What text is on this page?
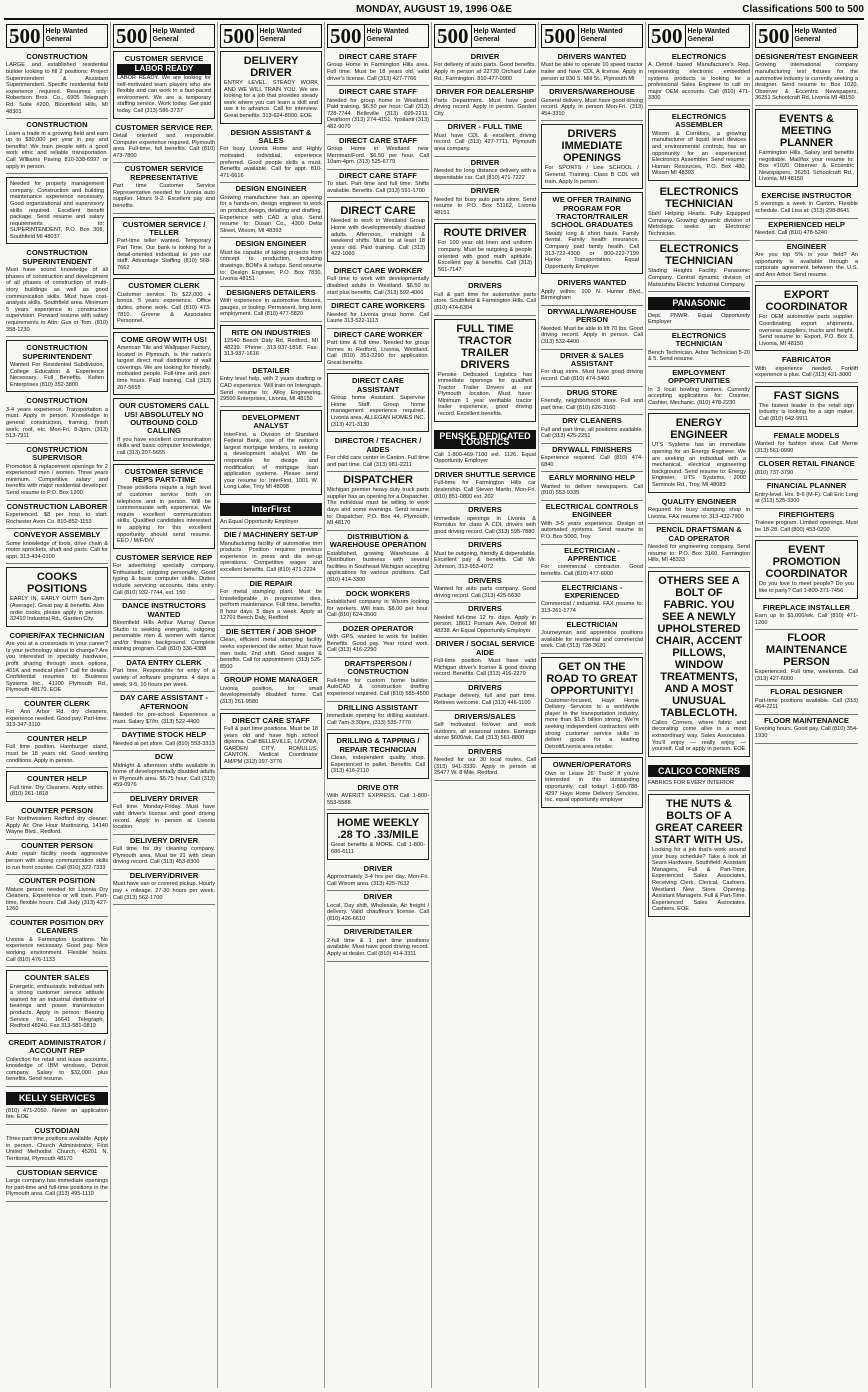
MONDAY, AUGUST 19, 1996 O&E	Classifications 500 to 500
500 Help Wanted
General
CONSTRUCTION

LARGE and established residential builder looking to fill 2 positions: Project Superintendent & Assistant Superintendent. Specific residential field experience required. Resumes only: Robertson Bros. Co., 6905 Telegraph Rd. Suite #200, Bloomfield Hills, MI 48301

CONSTRUCTION

Learn a trade in a growing field and earn up to $30,000 per year in pay and benefits! We train people with a good work ethic and reliable transportation. Call Williams Paving 810-338-6997 or apply in person.

Needed for property management company. Construction and building maintenance experience necessary. Good organizational and supervisory skills required. Excellent benefit package. Send resume and salary requirements to: SUPERINTENDENT, P.O. Box 308, Southfield MI 48037

CONSTRUCTION SUPERINTENDENT

Must have sound knowledge of all phases of construction and development of all phases of construction of multi-story buildings as well as good communication skills. Must have cost-analysis skills. Southfield area. Minimum 5 years experience in construction supervision. Forward resume with salary requirements to Attn: Gus or Tom. (810) 358-1230

CONSTRUCTION SUPERINTENDENT

Wanted For Residential Subdivision, College Education & Experience Necessary. Full Benefits. Kelten Enterprises (810) 352-3800

CONSTRUCTION

3-4 years experience. Transportation a must. Apply in person. Knowledge in general construction, framing, finish work, roof, etc. Mon-Fri, 8-3pm. (313) 513-7911

CONSTRUCTION SUPERVISOR

Promotion & replacement openings for 2 experienced men / women. Three years minimum. Competitive salary and benefits with major residential developer. Send resume to P.O. Box 1200.

CONSTRUCTION LABORER

Experienced. $8 per hour to start. Rochester Avon Co. 810-852-1153

CONVEYOR ASSEMBLY

Some knowledge of tools, drive chain & motor sprockets, shaft and parts. Call for appt. 313-434-0100

COOKS POSITIONS

EARLY IN, EARLY OUT!! 5am-2pm (Average). Great pay & benefits. Also order cooks, please apply in person. 32410 Industrial Rd., Garden City.

COPIER/FAX TECHNICIAN

Are you at a crossroads in your career? Is your technology about to change? Are you interested in specialty hardware, profit sharing through stock options, 401K and medical plan? Call for details. Confidential resumes to: Business Systems Inc., 41100 Plymouth Rd., Plymouth 48170. EOE

COUNTER CLERK

For Ann Arbor Rd. dry cleaners, experience needed. Good pay. Part-time. 313-347-3110

COUNTER HELP

Full time position. Hamburger stand, must be 18 years old. Good working conditions. Apply in person.

COUNTER HELP

Full time. Dry Cleaners. Apply within. (810) 261-1818

COUNTER PERSON

For Northwestern Redford dry cleaner. Apply At: One Hour Martinizing, 14140 Wayne Blvd., Redford.

COUNTER PERSON

Auto repair facility needs aggressive person with strong communication skills to run front counter. Call (810) 322-7333

COUNTER POSITION

Mature person needed for Livonia Dry Cleaners. Experience or will train. Part-time, flexible hours. Call Judy (313) 427-1260

COUNTER POSITION DRY CLEANERS

Livonia & Farmington locations. No experience necessary. Good pay. Nice working environment. Flexible hours. Call (810) 476-1133

COUNTER SALES

Energetic, enthusiastic individual with a strong customer service attitude wanted for an industrial distributor of bearings and power transmission products. Apply in person: Bearing Service Inc., 16641 Telegraph, Redford 48240. Fax 313-581-0819

CREDIT ADMINISTRATOR / ACCOUNT REP

Collection for retail and lease accounts, knowledge of IBM windows, Detroit company. Salary to $32,000 plus benefits. Send resume.

KELLY SERVICES

(810) 471-2050. Never an application fee. EOE

CUSTODIAN

Three part time positions available. Apply in person. Church Administrator, First United Methodist Church, 45201 N. Territorial, Plymouth 48170

CUSTODIAN SERVICE

Large company has immediate openings for part-time and full-time positions in the Plymouth area. Call (313) 495-1110

500 Help Wanted
General
CUSTOMER SERVICE
LABOR READY

LABOR READY. We are looking for self-motivated team players who are flexible and can work in a fast-paced environment. We are a temporary staffing service. Work today. Get paid today. Call (313) 586-3737

CUSTOMER SERVICE REP.

Detail oriented and responsible. Computer experience required. Plymouth area. Full-time, full benefits. Call (810) 473-7800

CUSTOMER SERVICE REPRESENTATIVE

Part time Customer Service Representative needed for Livonia auto supplier. Hours 9-2. Excellent pay and benefits.

CUSTOMER SERVICE / TELLER

Part-time teller wanted. Temporary Part Time. Our bank is looking for a detail-oriented individual to join our staff. Advantage Staffing (810) 568-7662

CUSTOMER CLERK

Customer service. To $22,000 + bonus. 5 years experience. Office duties, phone work. Call (810) 473-7810. Greene & Associates Personnel.

COME GROW WITH US!

American Tile and Wallpaper Factory, located in Plymouth, is the nation's largest direct mail distributor of wall coverings. We are looking for friendly, motivated people. Full-time and part-time hours. Paid training. Call (313) 207-5655

OUR CUSTOMERS CALL US! ABSOLUTELY NO OUTBOUND COLD CALLING

If you have excellent communication skills and basic computer knowledge, call (313) 207-5655

CUSTOMER SERVICE REPS PART-TIME

These positions require a high level of customer service both on telephone and in person. Will be commensurate with experience. We require excellent communication skills. Qualified candidates interested in applying for this excellent opportunity should send resume. EEO / M/F/D/V

CUSTOMER SERVICE REP

For advertising specialty company. Enthusiastic, outgoing personality. Good typing & basic computer skills. Duties include servicing accounts, data entry. Call (810) 932-7744, ext. 150

DANCE INSTRUCTORS WANTED

Bloomfield Hills Arthur Murray Dance Studio is seeking energetic, outgoing personable men & women with dance and/or theatre background. Complete training program. Call (810) 336-4388

DATA ENTRY CLERK

Part time. Responsible for entry of a variety of software programs. 4 days a week, 9-5, 10 hours per week.

DAY CARE ASSISTANT - AFTERNOON

Needed for pre-school. Experience a must. Salary $7/hr. (313) 522-4400

DAYTIME STOCK HELP

Needed at pet store. Call (810) 553-3313

DCW

Midnight & afternoon shifts available in home of developmentally disabled adults in Plymouth area. $6.75 hour. Call (313) 459-0976

DELIVERY DRIVER

Full time. Monday-Friday. Must have valid driver's license and good driving record. Apply in person at Livonia location.

DELIVERY DRIVER

Full time, for dry cleaning company. Plymouth area. Must be 21 with clean driving record. Call (313) 453-8300

DELIVERY/DRIVER

Must have van or covered pickup. Hourly pay + mileage. 27-30 hours per week. Call (313) 562-1700

500 Help Wanted
General
DELIVERY DRIVER

ENTRY LEVEL. STEADY WORK AND WE WILL TRAIN YOU. We are looking for a job that provides steady work where you can learn a skill and use it to advance. Call for interview. Great benefits. 313-624-8000. EOE

DESIGN ASSISTANT & SALES

For busy Livonia Home and Highly motivated individual, experience preferred. Good people skills a must. Benefits available. Call for appt. 810-471-6616

DESIGN ENGINEER

Growing manufacturer has an opening for a hands-on, design engineer to work on product design, detailing and drafting. Experience with CAD a plus. Send resume to: Dusan Co., 4300 Delta Street, Wixom, MI 48393

DESIGN ENGINEER

Must be capable of taking projects from concept to production, including drawings, BOM's & setups. Send resume to: Design Engineer, P.O. Box 7830, Livonia 48151

DESIGNERS DETAILERS

With experience in automotive fixtures, gauges, or tooling. Permanent, long term employment. Call (810) 477-5820

RITE ON INDUSTRIES

12540 Beech Daly Rd, Redford, MI 48239. Phone: 313-937-1818. Fax: 313-937-1616

DETAILER

Entry level help, with 2 years drafting or CAD experience. Will train on Intergraph. Send resume to: Alloy Engineering, 29500 Enterprises, Livonia, MI 48150

DEVELOPMENT ANALYST

InterFirst, a Division of Standard Federal Bank, one of the nation's largest mortgage lenders, is seeking a development analyst. Will be responsible for design and modification of mortgage loan application systems. Please send your resume to: InterFirst, 1001 W. Long Lake, Troy MI 48098

InterFirst

An Equal Opportunity Employer

DIE / MACHINERY SET-UP

Manufacturing facility of automotive trim products. Position requires previous experience in press and die set-up operations. Competitive wages and excellent benefits. Call (810) 471-2224

DIE REPAIR

For metal stamping plant. Must be knowledgeable in progressive dies, perform maintenance. Full time, benefits. 8 hour days, 5 days a week. Apply at 12701 Beech Daly, Redford

DIE SETTER / JOB SHOP

Clean, efficient metal stamping facility seeks experienced die setter. Must have own tools. 2nd shift. Good wages & benefits. Call for appointment: (313) 525-8500

GROUP HOME MANAGER

Livonia position, for small developmentally disabled home. Call (313) 261-9580

DIRECT CARE STAFF

Full & part time positions. Must be 18 years old and have high school diploma. Call BELLEVILLE, LIVONIA, GARDEN CITY, ROMULUS, CANTON. Medical Coordinator AM/PM (313) 397-3776

500 Help Wanted
General
DIRECT CARE STAFF

Group Home in Farmington Hills area. Full time. Must be 18 years old, valid driver's license. Call (313) 427-7766

DIRECT CARE STAFF

Needed for group home in Westland. Paid training. $6.50 per hour. Call (313) 728-7744 Belleville (313) 699-2211. Dearborn (313) 274-4151. Ypsilanti (313) 482-9070

DIRECT CARE STAFF

Group Home in Westland near Merriman/Ford. $6.50 per hour. Call 10am-4pm. (313) 525-6779

DIRECT CARE STAFF

To start. Part time and full time. Shifts available. Benefits. Call (313) 591-1700

DIRECT CARE

Needed to work in Westland Group Home with developmentally disabled adults. Afternoon, midnight & weekend shifts. Must be at least 18 years old. Paid training. Call (313) 422-1060

DIRECT CARE WORKER

Full time to work with developmentally disabled adults in Westland. $6.50 to start plus benefits. Call (313) 592-4066

DIRECT CARE WORKERS

Needed for Livonia group home. Call Laurie 313-522-1113

DIRECT CARE WORKER

Part time & full time. Needed for group homes in Redford, Livonia, Westland. Call (810) 353-2290 for application. Great benefits.

DIRECT CARE ASSISTANT

Group home Assistant. Supervise Home Staff. Group home management experience required. Livonia area. ALLEGAN HOMES INC. (313) 421-3130

DIRECTOR / TEACHER / AIDES

For child care center in Canton. Full time and part time. Call (313) 981-2211

DISPATCHER

Michigan premier heavy duty truck parts supplier has an opening for a Dispatcher. The individual must be willing to work days and some evenings. Send resume to: Dispatcher, P.O. Box 44, Plymouth, MI 48170

DISTRIBUTION & WAREHOUSE OPERATION

Established, growing Warehouse & Distribution business with several facilities in Southeast Michigan accepting applications for various positions. Call (810) 414-3300

DOCK WORKERS

Established company in Wixom looking for workers. Will train. $8.00 per hour. Call (810) 624-3500

DOZER OPERATOR

With GPS, wanted to work for builder. Benefits. Good pay. Year round work. Call (313) 416-2290

DRAFTSPERSON / CONSTRUCTION

Full-time for custom home builder. AutoCAD & construction drafting experience required. Call (810) 585-4500

DRILLING ASSISTANT

Immediate opening for drilling assistant. Call 7am-3:30pm, (313) 535-7770

DRILLING & TAPPING / REPAIR TECHNICIAN

Clean, independent quality shop. Experienced in pallet. Benefits. Call (313) 416-2110

DRIVE OTR

With AVERITT EXPRESS. Call 1-800-553-5588

HOME WEEKLY .28 TO .33/MILE

Great benefits & MORE. Call 1-800-686-6111

DRIVER

Approximately 3-4 hrs per day. Mon-Fri. Call Wixom area. (313) 425-7632

DRIVER

Local, Day shift, Wholesale, Air freight / delivery. Valid chauffeur's license. Call (810) 426-6610

DRIVER/DETAILER

2-full time & 1 part time positions available. Must have good driving record. Apply at dealer. Call (810) 414-3311

500 Help Wanted
General
DRIVER

For delivery of auto parts. Good benefits. Apply in person at 22730 Orchard Lake Rd., Farmington. 810-477-0900

DRIVER FOR DEALERSHIP

Parts Department. Must have good driving record. Apply in person, Garden City.

DRIVER - FULL TIME

Must have CDL & excellent driving record. Call (313) 427-7711. Plymouth area company.

DRIVER

Needed for long distance delivery with a dependable car. Call (810) 471-7222

DRIVER

Needed for busy auto parts store. Send resume to P.O. Box 51162, Livonia 48151

ROUTE DRIVER

For 100 year old linen and uniform company. Must be outgoing & people oriented with good math aptitude. Excellent pay & benefits. Call (313) 561-7147

DRIVERS

Full & part time for automotive parts store. Southfield & Farmington Hills. Call (810) 474-6304

FULL TIME TRACTOR TRAILER DRIVERS

Penske Dedicated Logistics has immediate openings for qualified Tractor Trailer Drivers at our Plymouth location. Must have: Minimum 1 year verifiable tractor trailer experience, good driving record. Excellent benefits.

PENSKE DEDICATED LOGISTICS

Call 1-800-469-7100 ext. 1126. Equal Opportunity Employer

DRIVER SHUTTLE SERVICE

Full-time for Farmington Hills car dealership. Call Steven Martin, Mon-Fri. (810) 851-0800 ext. 202

DRIVERS

Immediate openings in Livonia & Romulus for class A CDL drivers with good driving record. Call (313) 595-7880

DRIVERS

Must be outgoing, friendly & dependable. Excellent pay & benefits. Call Mr. Johnson, 313-953-4072

DRIVERS

Wanted for auto parts company. Good driving record. Call (313) 425-5630

DRIVERS

Needed full-time 12 hr. days. Apply in person: 18611 Purnam Ave, Detroit MI 48238. An Equal Opportunity Employer

DRIVER / SOCIAL SERVICE AIDE

Full-time position. Must have valid Michigan driver's license & good driving record. Benefits. Call (313) 416-2270

DRIVERS

Package delivery, full and part time. Retirees welcome. Call (313) 446-1100

DRIVERS/SALES

Self motivated for/over and work outdoors, all seasonal routes. Earnings above $600/wk. Call (313) 561-8800

DRIVERS

Needed for our 30 local routes. Call (313) 941-3330. Apply in person at 25477 W. 8 Mile, Redford.

500 Help Wanted
General
DRIVERS WANTED

Must be able to operate 10 speed tractor trailer and have CDL A license. Apply in person at 930 S. Mill St., Plymouth MI

DRIVERS/WAREHOUSE

General delivery. Must have good driving record. Apply in person Mon-Fri. (313) 454-3310

DRIVERS IMMEDIATE OPENINGS

For SPORTS / Line SCHOOL / General. Training. Class B CDL will train. Apply in person.

WE OFFER TRAINING PROGRAM FOR TRACTOR/TRAILER SCHOOL GRADUATES

Steady long & short hauls. Family dental. Family health insurance. Company paid family health. Call 313-722-4300 or 800-222-7199 Hanke Transportation. Equal Opportunity Employer

DRIVERS WANTED

Apply within: 100 N. Hunter Blvd., Birmingham

DRYWALL/WAREHOUSE PERSON

Needed. Must be able to lift 70 lbs. Good driving record. Apply in person. Call (313) 532-4400

DRIVER & SALES ASSISTANT

For drug store. Must have good driving record. Call (810) 474-3460

DRUG STORE

Friendly, neighborhood store. Full and part time. Call (810) 626-3160

DRY CLEANERS

Full and part time, all positions available. Call (313) 425-2251

DRYWALL FINISHERS

Experience required. Call (810) 474-6840

EARLY MORNING HELP

Wanted to deliver newspapers. Call (810) 553-9335

ELECTRICAL CONTROLS ENGINEER

With 3-5 years experience. Design of automated systems. Send resume to P.O. Box 5000, Troy

ELECTRICIAN - APPRENTICE

For commercial contractor. Good benefits. Call (810) 477-6000

ELECTRICIANS - EXPERIENCED

Commercial / industrial. FAX resume to: 313-261-1774

ELECTRICIAN

Journeyman and apprentice positions available for residential and commercial work. Call (313) 728-3620

GET ON THE ROAD TO GREAT OPPORTUNITY!

Customer-focused, Hays Home Delivery Services is a worldwide player in the transportation industry, more than $1.5 billion strong. We're seeking independent contractors with strong customer service skills to deliver goods for a leading Detroit/Livonia area retailer.

OWNER/OPERATORS

Own or Lease 26' Truck! If you're interested in this outstanding opportunity, call today! 1-800-788-4297 Hays Home Delivery Services, Inc. equal opportunity employer

500 Help Wanted
General
ELECTRONICS

A Detroit based Manufacturer's Rep, representing electronic embedded systems products is looking for a professional Sales Engineer to call on major OEM accounts. Call (810) 471-3300

ELECTRONICS ASSEMBLER

Wixom & Corridors, a growing manufacturer of liquid level devices and environmental controls, has an opportunity for an experienced Electronics Assembler. Send resume: Human Resources, P.O. Box 480, Wixom MI 48393

ELECTRONICS TECHNICIAN

Stahl Helping Hearts. Fully Equipped Company. Growing dynamic division of Metrologic seeks an Electronic Technician.

ELECTRONICS TECHNICIAN

Stading Heights Facility. Panasonic Company. Central dynamic division of Matsushita Electric Industrial Company.

PANASONIC

Dept. PNWR. Equal Opportunity Employer

ELECTRONICS TECHNICIAN

Bench Technician. Arbor Technician 5-20 & 5. Send resume.

EMPLOYMENT OPPORTUNITIES

In 3 local bowling centers. Currently accepting applications for: Counter, Cashier, Mechanic. (810) 478-2230

ENERGY ENGINEER

UTS Systems has an immediate opening for an Energy Engineer. We are seeking an individual with a mechanical, electrical engineering background. Send resume to: Energy Engineer, UTS Systems, 2000 Seminole Rd., Troy, MI 48083

QUALITY ENGINEER

Required for busy stamping shop in Livonia. FAX resume to: 313-432-7900

PENCIL DRAFTSMAN & CAD OPERATOR

Needed for engineering company. Send resume to: P.O. Box 3160, Farmington Hills, MI 48333

OTHERS SEE A BOLT OF FABRIC. YOU SEE A NEWLY UPHOLSTERED CHAIR, ACCENT PILLOWS, WINDOW TREATMENTS, AND A MOST UNUSUAL TABLECLOTH.

Calico Corners, where fabric and decorating come alive in a most extraordinary way. Sales Associates. You'll enjoy — really enjoy — yourself. Call or apply in person. EOE

CALICO CORNERS

FABRICS FOR EVERY INTERIOR

THE NUTS & BOLTS OF A GREAT CAREER START WITH US.

Looking for a job that's work around your busy schedule? Take a look at Sears Hardware. Southfield: Assistant Managers, Full & Part-Time, Experienced Sales Associates, Receiving Clerk, Clerical, Cashiers. Westland New Store Opening. Assistant Managers. Full & Part-Time. Experienced Sales Associates. Cashiers. EOE

500 Help Wanted
General
DESIGNER/TEST ENGINEER

Growing international company manufacturing test fixtures for the automotive industry is currently seeking a designer. Send resume to: Box 1020, Observer & Eccentric Newspapers, 36251 Schoolcraft Rd, Livonia MI 48150

EVENTS & MEETING PLANNER

Farmington Hills. Salary and benefits negotiable. Mail/fax your resume to: Box #1020 Observer & Eccentric Newspapers, 36251 Schoolcraft Rd., Livonia, MI 48150

EXERCISE INSTRUCTOR

5 evenings a week in Canton. Flexible schedule. Call Lisa at: (313) 298-8641

EXPERIENCED HELP

Needed. Call (810) 478-5240

ENGINEER

Are you top 5% in your field? An opportunity is available through a corporate agreement between the U.S. and Ann Arbor. Send resume.

EXPORT COORDINATOR

For OEM automotive parts supplier. Coordinating export shipments, overseas suppliers, trucks and freight. Send resume to: Export, P.O. Box 3, Livonia, MI 48150

FABRICATOR

With experience needed. Forklift experience a plus. Call (313) 421-3000

FAST SIGNS

The fastest leader in the retail sign industry is looking for a sign maker. Call (810) 642-9911

FEMALE MODELS

Wanted for fashion show. Call Merrie (313) 561-0990

CLOSER RETAIL FINANCE

(810) 737-3790

FINANCIAL PLANNER

Entry-level. Hrs. 8-6 (M-F). Call Eric Long at (313) 525-3300

FIREFIGHTERS

Trainee program. Limited openings. Must be 18-28. Call (800) 453-0200

EVENT PROMOTION COORDINATOR

Do you love to meet people? Do you like to party? Call 1-800-371-7456

FIREPLACE INSTALLER

Earn up to $1,000/wk. Call (810) 471-1200

FLOOR MAINTENANCE PERSON

Experienced. Full time, weekends. Call (313) 427-6000

FLORAL DESIGNER

Part-time positions available. Call (313) 464-2211

FLOOR MAINTENANCE

Evening hours. Good pay. Call (810) 354-1930
